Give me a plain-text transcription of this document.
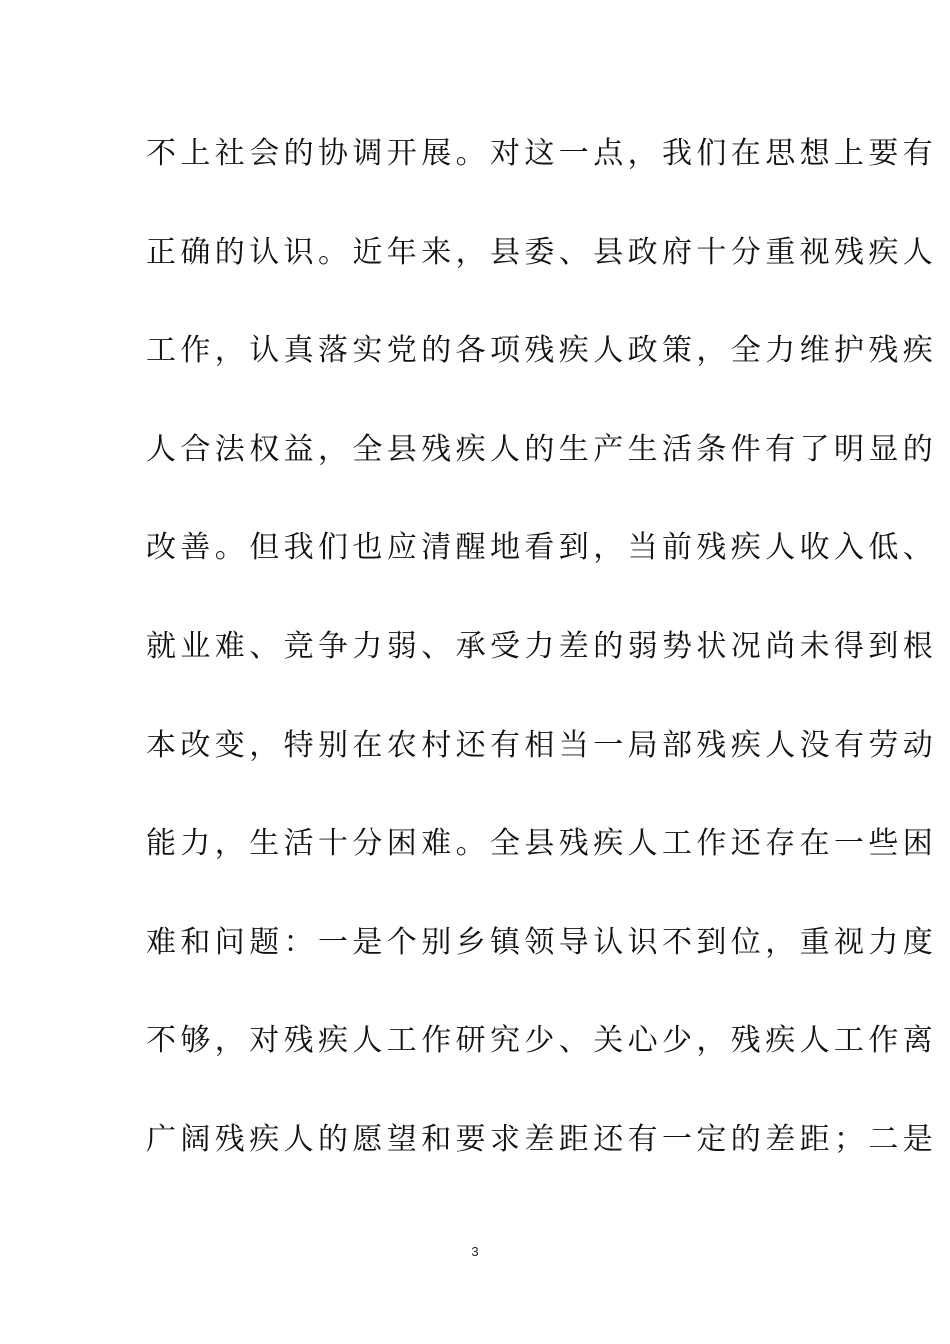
不上社会的协调开展。对这一点，我们在思想上要有
正确的认识。近年来，县委、县政府十分重视残疾人
工作，认真落实党的各项残疾人政策，全力维护残疾
人合法权益，全县残疾人的生产生活条件有了明显的
改善。但我们也应清醒地看到，当前残疾人收入低、
就业难、竞争力弱、承受力差的弱势状况尚未得到根
本改变，特别在农村还有相当一局部残疾人没有劳动
能力，生活十分困难。全县残疾人工作还存在一些困
难和问题：一是个别乡镇领导认识不到位，重视力度
不够，对残疾人工作研究少、关心少，残疾人工作离
广阔残疾人的愿望和要求差距还有一定的差距；二是
3
